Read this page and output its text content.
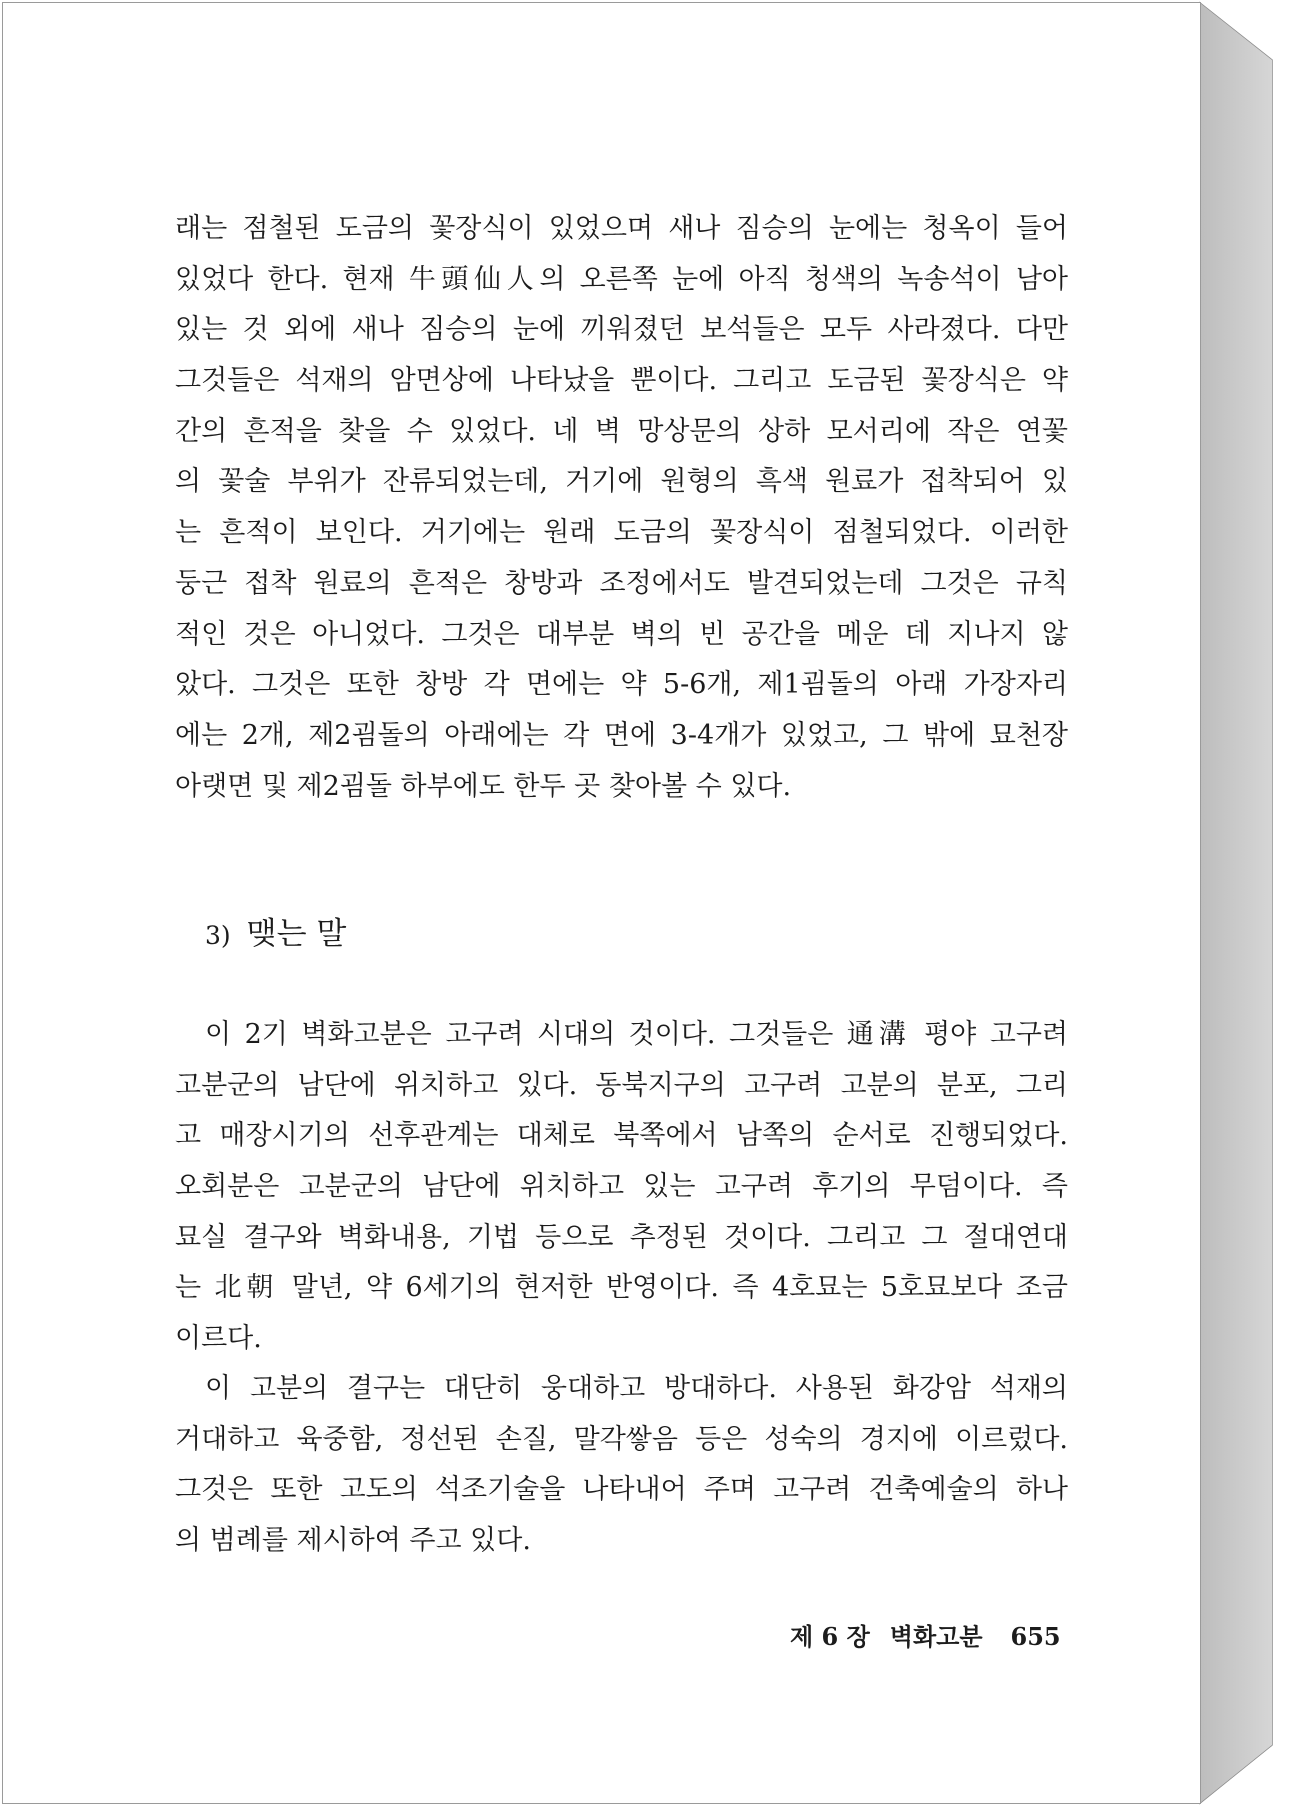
래는 점철된 도금의 꽃장식이 있었으며 새나 짐승의 눈에는 청옥이 들어
있었다 한다. 현재 牛頭仙人의 오른쪽 눈에 아직 청색의 녹송석이 남아
있는 것 외에 새나 짐승의 눈에 끼워졌던 보석들은 모두 사라졌다. 다만
그것들은 석재의 암면상에 나타났을 뿐이다. 그리고 도금된 꽃장식은 약
간의 흔적을 찾을 수 있었다. 네 벽 망상문의 상하 모서리에 작은 연꽃
의 꽃술 부위가 잔류되었는데, 거기에 원형의 흑색 원료가 접착되어 있
는 흔적이 보인다. 거기에는 원래 도금의 꽃장식이 점철되었다. 이러한
둥근 접착 원료의 흔적은 창방과 조정에서도 발견되었는데 그것은 규칙
적인 것은 아니었다. 그것은 대부분 벽의 빈 공간을 메운 데 지나지 않
았다. 그것은 또한 창방 각 면에는 약 5-6개, 제1굄돌의 아래 가장자리
에는 2개, 제2굄돌의 아래에는 각 면에 3-4개가 있었고, 그 밖에 묘천장
아랫면 및 제2굄돌 하부에도 한두 곳 찾아볼 수 있다.
3) 맺는 말
이 2기 벽화고분은 고구려 시대의 것이다. 그것들은 通溝 평야 고구려
고분군의 남단에 위치하고 있다. 동북지구의 고구려 고분의 분포, 그리
고 매장시기의 선후관계는 대체로 북쪽에서 남쪽의 순서로 진행되었다.
오회분은 고분군의 남단에 위치하고 있는 고구려 후기의 무덤이다. 즉
묘실 결구와 벽화내용, 기법 등으로 추정된 것이다. 그리고 그 절대연대
는 北朝 말년, 약 6세기의 현저한 반영이다. 즉 4호묘는 5호묘보다 조금
이르다.
이 고분의 결구는 대단히 웅대하고 방대하다. 사용된 화강암 석재의
거대하고 육중함, 정선된 손질, 말각쌓음 등은 성숙의 경지에 이르렀다.
그것은 또한 고도의 석조기술을 나타내어 주며 고구려 건축예술의 하나
의 범례를 제시하여 주고 있다.
제 6 장 벽화고분 655
